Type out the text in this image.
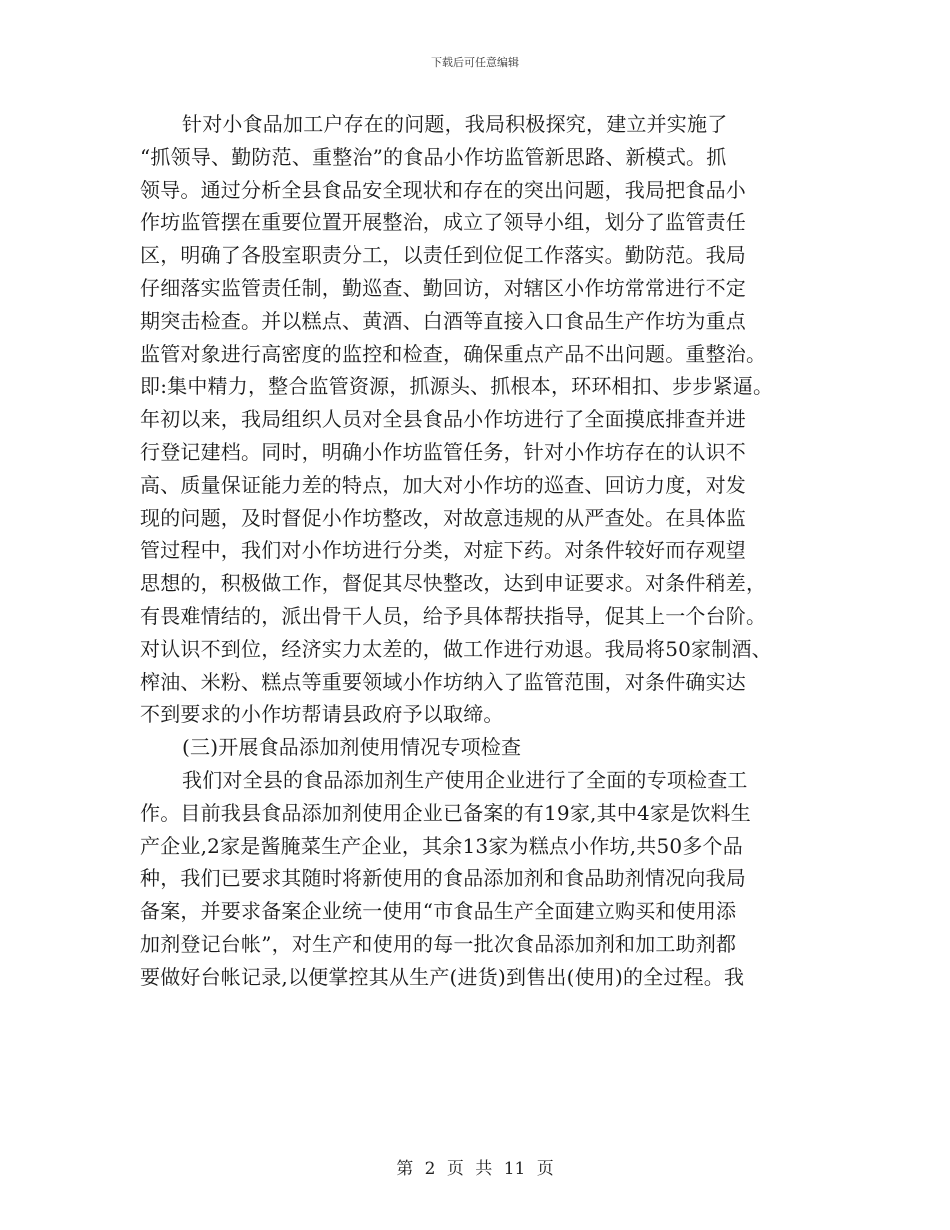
下载后可任意编辑
针对小食品加工户存在的问题，我局积极探究，建立并实施了
“抓领导、勤防范、重整治”的食品小作坊监管新思路、新模式。抓
领导。通过分析全县食品安全现状和存在的突出问题，我局把食品小
作坊监管摆在重要位置开展整治，成立了领导小组，划分了监管责任
区，明确了各股室职责分工，以责任到位促工作落实。勤防范。我局
仔细落实监管责任制，勤巡查、勤回访，对辖区小作坊常常进行不定
期突击检查。并以糕点、黄酒、白酒等直接入口食品生产作坊为重点
监管对象进行高密度的监控和检查，确保重点产品不出问题。重整治。
即:集中精力，整合监管资源，抓源头、抓根本，环环相扣、步步紧逼。
年初以来，我局组织人员对全县食品小作坊进行了全面摸底排查并进
行登记建档。同时，明确小作坊监管任务，针对小作坊存在的认识不
高、质量保证能力差的特点，加大对小作坊的巡查、回访力度，对发
现的问题，及时督促小作坊整改，对故意违规的从严查处。在具体监
管过程中，我们对小作坊进行分类，对症下药。对条件较好而存观望
思想的，积极做工作，督促其尽快整改，达到申证要求。对条件稍差，
有畏难情结的，派出骨干人员，给予具体帮扶指导，促其上一个台阶。
对认识不到位，经济实力太差的，做工作进行劝退。我局将50家制酒、
榨油、米粉、糕点等重要领域小作坊纳入了监管范围，对条件确实达
不到要求的小作坊帮请县政府予以取缔。
(三)开展食品添加剂使用情况专项检查
我们对全县的食品添加剂生产使用企业进行了全面的专项检查工
作。目前我县食品添加剂使用企业已备案的有19家,其中4家是饮料生
产企业,2家是酱腌菜生产企业，其余13家为糕点小作坊,共50多个品
种，我们已要求其随时将新使用的食品添加剂和食品助剂情况向我局
备案，并要求备案企业统一使用“市食品生产全面建立购买和使用添
加剂登记台帐”，对生产和使用的每一批次食品添加剂和加工助剂都
要做好台帐记录,以便掌控其从生产(进货)到售出(使用)的全过程。我
第 2 页 共 11 页
